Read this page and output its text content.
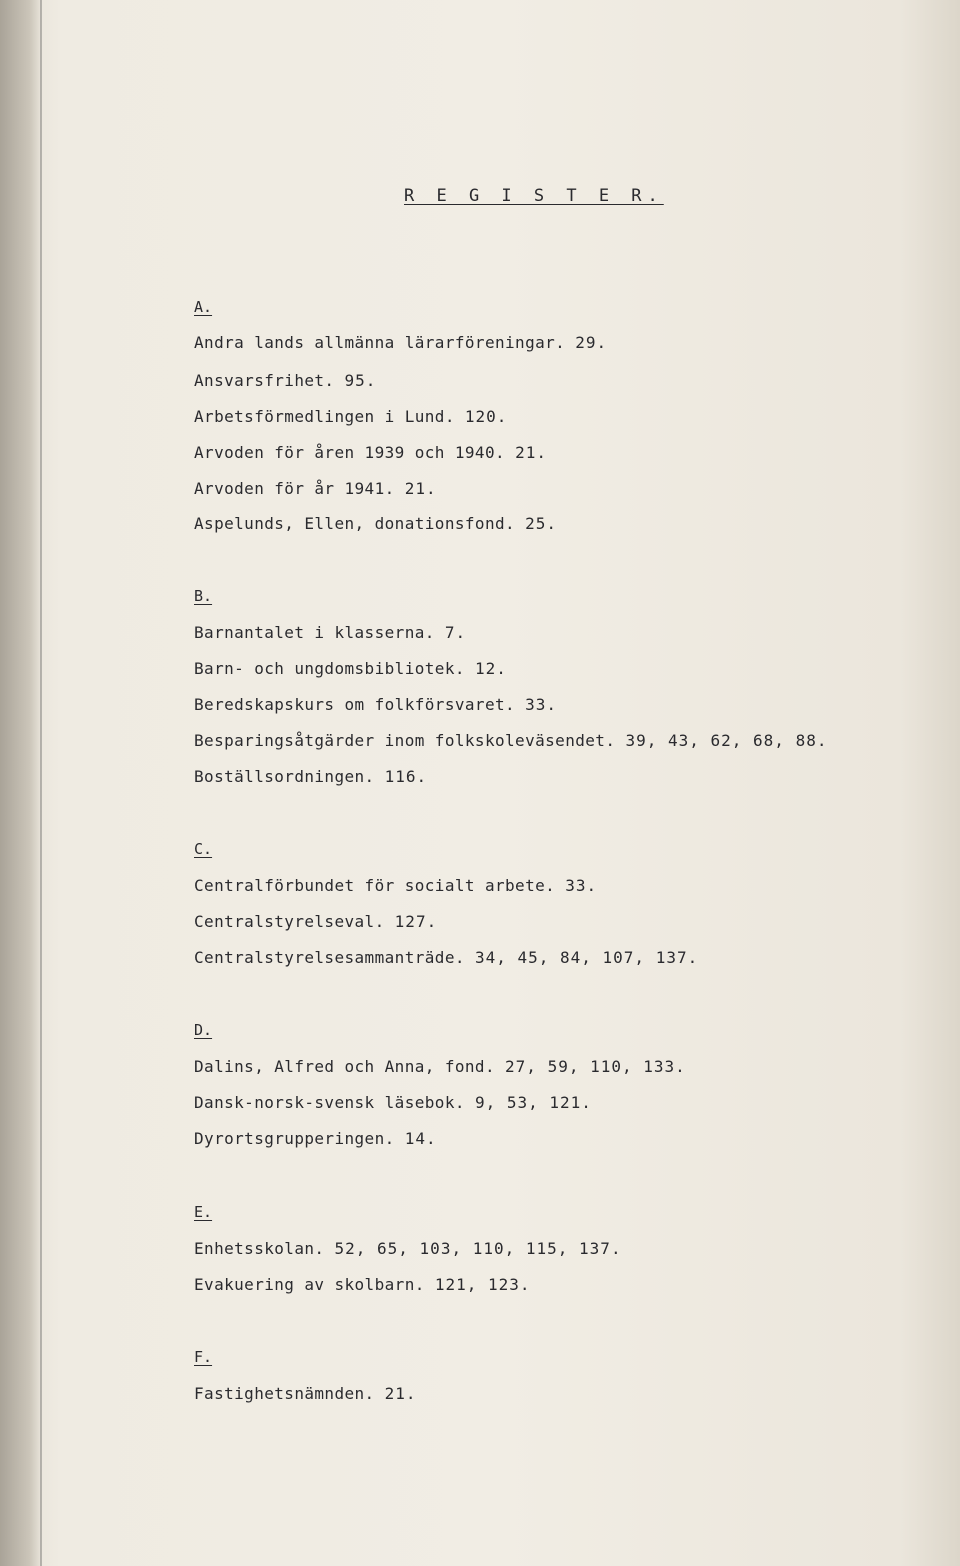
R E G I S T E R.
A.
Andra lands allmänna lärarföreningar. 29.
Ansvarsfrihet. 95.
Arbetsförmedlingen i Lund. 120.
Arvoden för åren 1939 och 1940. 21.
Arvoden för år 1941. 21.
Aspelunds, Ellen, donationsfond. 25.
B.
Barnantalet i klasserna. 7.
Barn- och ungdomsbibliotek. 12.
Beredskapskurs om folkförsvaret. 33.
Besparingsåtgärder inom folkskoleväsendet. 39, 43, 62, 68, 88.
Boställsordningen. 116.
C.
Centralförbundet för socialt arbete. 33.
Centralstyrelseval. 127.
Centralstyrelsesammanträde. 34, 45, 84, 107, 137.
D.
Dalins, Alfred och Anna, fond. 27, 59, 110, 133.
Dansk-norsk-svensk läsebok. 9, 53, 121.
Dyrortsgrupperingen. 14.
E.
Enhetsskolan. 52, 65, 103, 110, 115, 137.
Evakuering av skolbarn. 121, 123.
F.
Fastighetsnämnden. 21.
